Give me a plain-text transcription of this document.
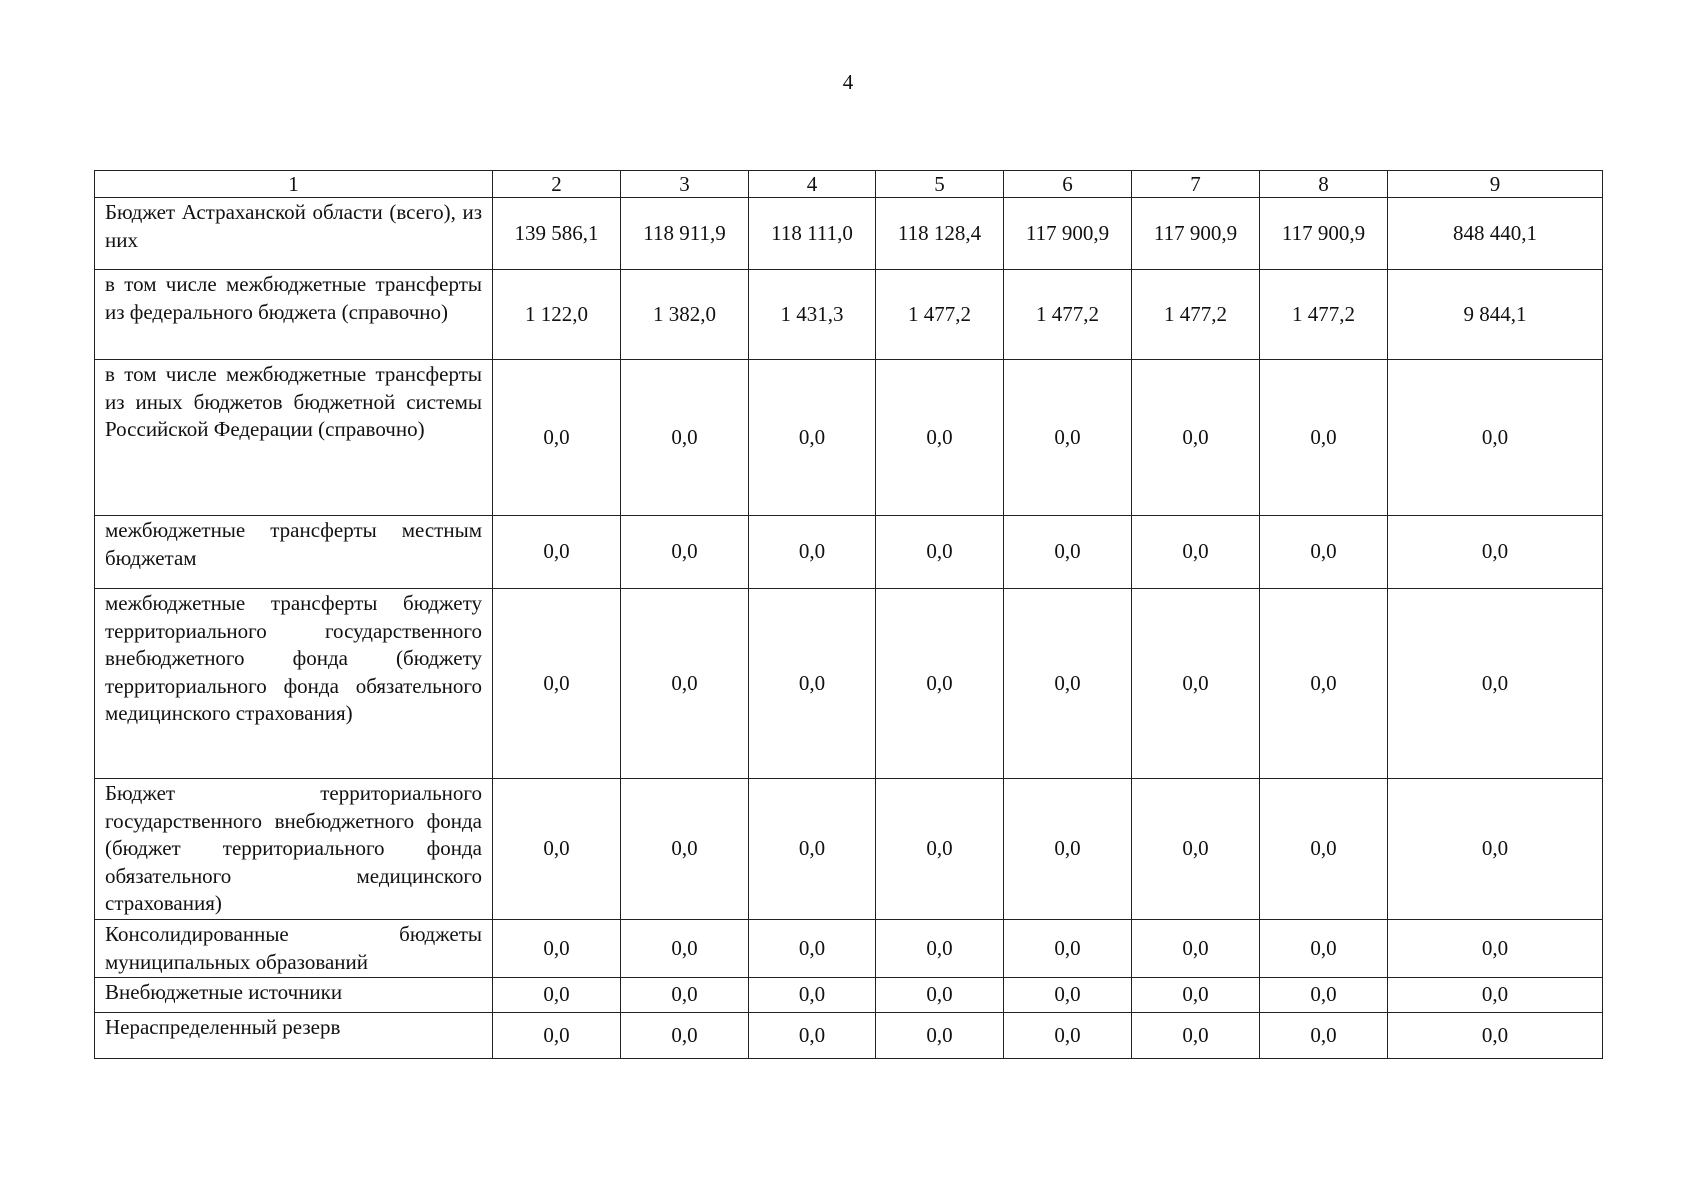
4
1	2	3	4	5	6	7	8	9
Бюджет Астраханской области (всего), из них	139 586,1	118 911,9	118 111,0	118 128,4	117 900,9	117 900,9	117 900,9	848 440,1
в том числе межбюджетные трансферты из федерального бюджета (справочно)	1 122,0	1 382,0	1 431,3	1 477,2	1 477,2	1 477,2	1 477,2	9 844,1
в том числе межбюджетные трансферты из иных бюджетов бюджетной системы Российской Федерации (справочно)	0,0	0,0	0,0	0,0	0,0	0,0	0,0	0,0
межбюджетные трансферты местным бюджетам	0,0	0,0	0,0	0,0	0,0	0,0	0,0	0,0
межбюджетные трансферты бюджету территориального государственного внебюджетного фонда (бюджету территориального фонда обязательного медицинского страхования)	0,0	0,0	0,0	0,0	0,0	0,0	0,0	0,0
Бюджет территориального государственного внебюджетного фонда (бюджет территориального фонда обязательного медицинского страхования)	0,0	0,0	0,0	0,0	0,0	0,0	0,0	0,0
Консолидированные бюджеты муниципальных образований	0,0	0,0	0,0	0,0	0,0	0,0	0,0	0,0
Внебюджетные источники	0,0	0,0	0,0	0,0	0,0	0,0	0,0	0,0
Нераспределенный резерв	0,0	0,0	0,0	0,0	0,0	0,0	0,0	0,0
